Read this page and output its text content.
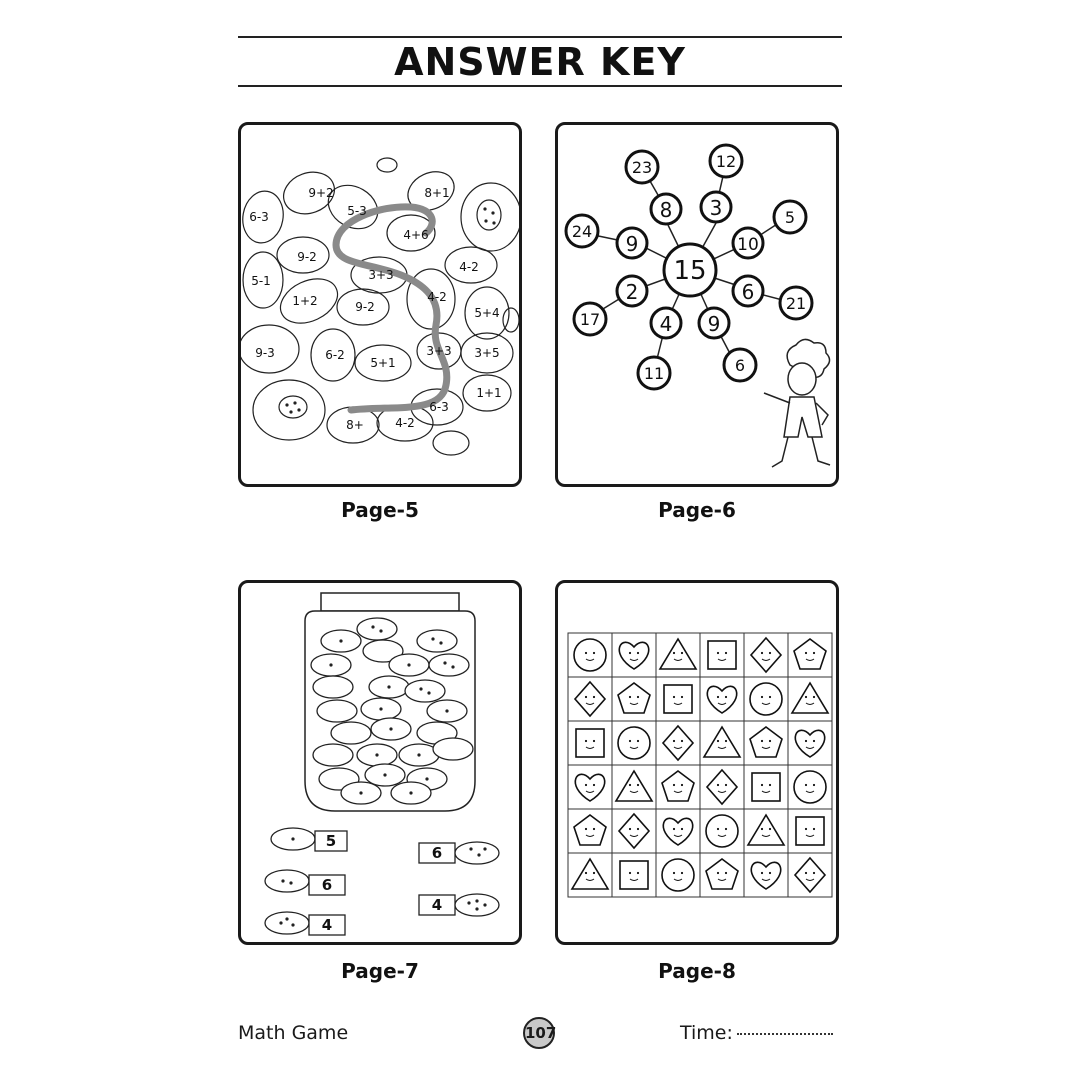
ANSWER KEY
9+2
6-3	5-3
8+1
4+6
9-2
4-2
5-1	3+3
1+2	9-2
4-2
5+4
9-3	6-2
5+1
3+3 3+5
6-3
1+1
8+	4-2
Page-5
15
8 3
9	10
2	6
4 9
23	12
24
5
17
21
11	6
Page-6
5
6
4
6
4
Page-7	Page-8
Math Game	107	Time:
